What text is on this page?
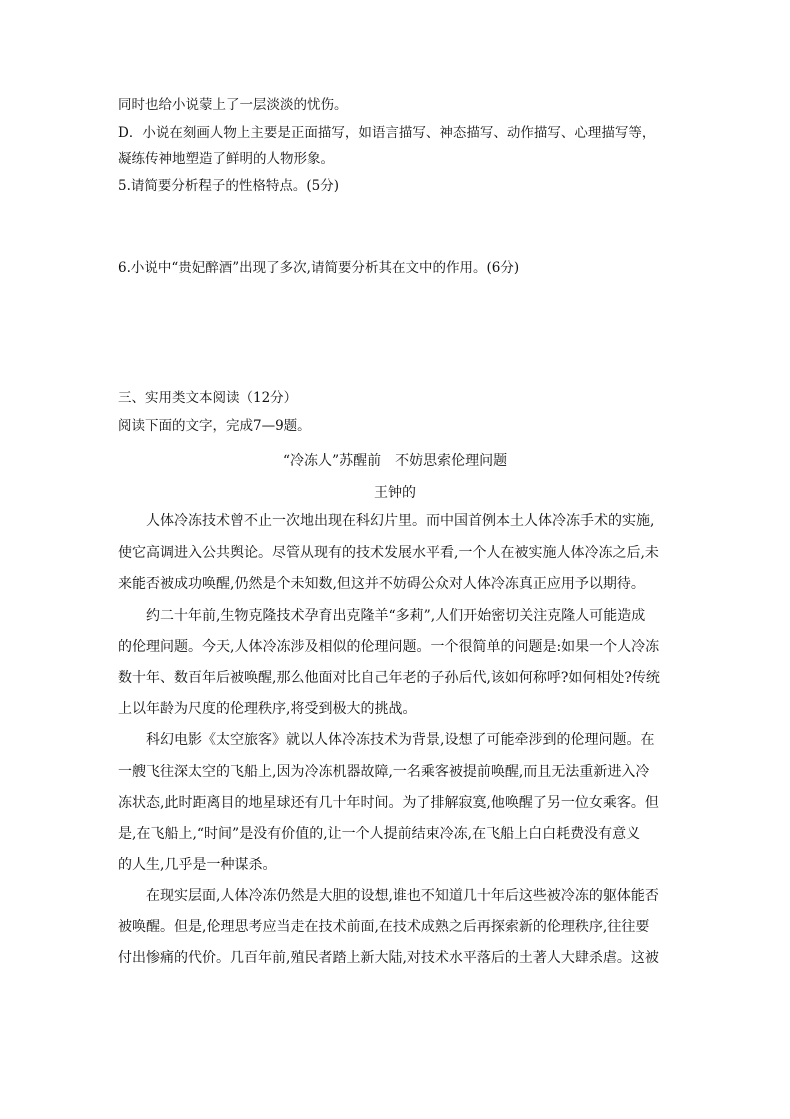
同时也给小说蒙上了一层淡淡的忧伤。
D．小说在刻画人物上主要是正面描写，如语言描写、神态描写、动作描写、心理描写等，
凝练传神地塑造了鲜明的人物形象。
5.请简要分析程子的性格特点。(5分)
6.小说中“贵妃醉酒”出现了多次,请简要分析其在文中的作用。(6分)
三、实用类文本阅读（12分）
阅读下面的文字，完成7—9题。
“冷冻人”苏醒前　不妨思索伦理问题
王钟的
人体冷冻技术曾不止一次地出现在科幻片里。而中国首例本土人体冷冻手术的实施,
使它高调进入公共舆论。尽管从现有的技术发展水平看,一个人在被实施人体冷冻之后,未
来能否被成功唤醒,仍然是个未知数,但这并不妨碍公众对人体冷冻真正应用予以期待。
约二十年前,生物克隆技术孕育出克隆羊“多莉”,人们开始密切关注克隆人可能造成
的伦理问题。今天,人体冷冻涉及相似的伦理问题。一个很简单的问题是:如果一个人冷冻
数十年、数百年后被唤醒,那么他面对比自己年老的子孙后代,该如何称呼?如何相处?传统
上以年龄为尺度的伦理秩序,将受到极大的挑战。
科幻电影《太空旅客》就以人体冷冻技术为背景,设想了可能牵涉到的伦理问题。在
一艘飞往深太空的飞船上,因为冷冻机器故障,一名乘客被提前唤醒,而且无法重新进入冷
冻状态,此时距离目的地星球还有几十年时间。为了排解寂寞,他唤醒了另一位女乘客。但
是,在飞船上,“时间”是没有价值的,让一个人提前结束冷冻,在飞船上白白耗费没有意义
的人生,几乎是一种谋杀。
在现实层面,人体冷冻仍然是大胆的设想,谁也不知道几十年后这些被冷冻的躯体能否
被唤醒。但是,伦理思考应当走在技术前面,在技术成熟之后再探索新的伦理秩序,往往要
付出惨痛的代价。几百年前,殖民者踏上新大陆,对技术水平落后的土著人大肆杀虐。这被
